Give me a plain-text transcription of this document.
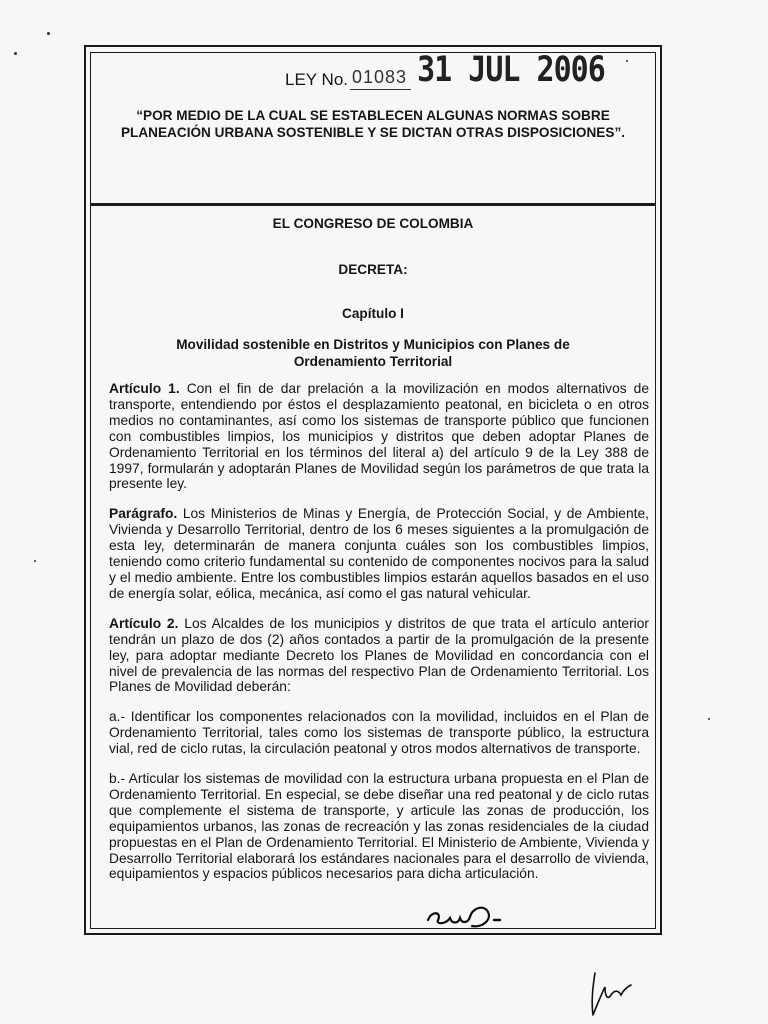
LEY No. 01083 31 JUL 2006
“POR MEDIO DE LA CUAL SE ESTABLECEN ALGUNAS NORMAS SOBRE PLANEACIÓN URBANA SOSTENIBLE Y SE DICTAN OTRAS DISPOSICIONES”.
EL CONGRESO DE COLOMBIA
DECRETA:
Capítulo I
Movilidad sostenible en Distritos y Municipios con Planes de Ordenamiento Territorial

Artículo 1. Con el fin de dar prelación a la movilización en modos alternativos de transporte, entendiendo por éstos el desplazamiento peatonal, en bicicleta o en otros medios no contaminantes, así como los sistemas de transporte público que funcionen con combustibles limpios, los municipios y distritos que deben adoptar Planes de Ordenamiento Territorial en los términos del literal a) del artículo 9 de la Ley 388 de 1997, formularán y adoptarán Planes de Movilidad según los parámetros de que trata la presente ley.

Parágrafo. Los Ministerios de Minas y Energía, de Protección Social, y de Ambiente, Vivienda y Desarrollo Territorial, dentro de los 6 meses siguientes a la promulgación de esta ley, determinarán de manera conjunta cuáles son los combustibles limpios, teniendo como criterio fundamental su contenido de componentes nocivos para la salud y el medio ambiente. Entre los combustibles limpios estarán aquellos basados en el uso de energía solar, eólica, mecánica, así como el gas natural vehicular.

Artículo 2. Los Alcaldes de los municipios y distritos de que trata el artículo anterior tendrán un plazo de dos (2) años contados a partir de la promulgación de la presente ley, para adoptar mediante Decreto los Planes de Movilidad en concordancia con el nivel de prevalencia de las normas del respectivo Plan de Ordenamiento Territorial. Los Planes de Movilidad deberán:

a.- Identificar los componentes relacionados con la movilidad, incluidos en el Plan de Ordenamiento Territorial, tales como los sistemas de transporte público, la estructura vial, red de ciclo rutas, la circulación peatonal y otros modos alternativos de transporte.

b.- Articular los sistemas de movilidad con la estructura urbana propuesta en el Plan de Ordenamiento Territorial. En especial, se debe diseñar una red peatonal y de ciclo rutas que complemente el sistema de transporte, y articule las zonas de producción, los equipamientos urbanos, las zonas de recreación y las zonas residenciales de la ciudad propuestas en el Plan de Ordenamiento Territorial. El Ministerio de Ambiente, Vivienda y Desarrollo Territorial elaborará los estándares nacionales para el desarrollo de vivienda, equipamientos y espacios públicos necesarios para dicha articulación.
